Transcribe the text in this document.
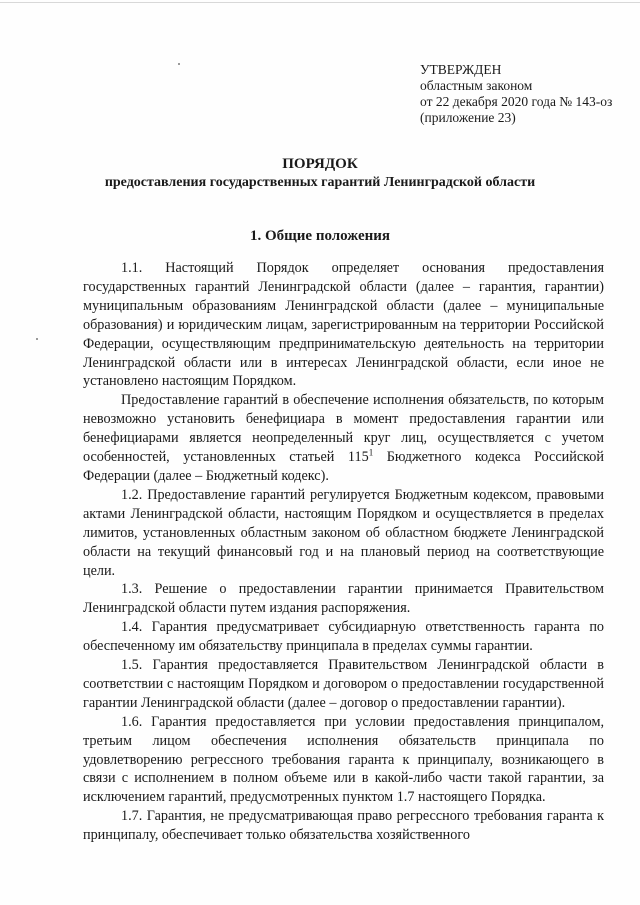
УТВЕРЖДЕН
областным законом
от 22 декабря 2020 года № 143-оз
(приложение 23)
ПОРЯДОК
предоставления государственных гарантий Ленинградской области
1. Общие положения

1.1. Настоящий Порядок определяет основания предоставления государственных гарантий Ленинградской области (далее – гарантия, гарантии) муниципальным образованиям Ленинградской области (далее – муниципальные образования) и юридическим лицам, зарегистрированным на территории Российской Федерации, осуществляющим предпринимательскую деятельность на территории Ленинградской области или в интересах Ленинградской области, если иное не установлено настоящим Порядком.

Предоставление гарантий в обеспечение исполнения обязательств, по которым невозможно установить бенефициара в момент предоставления гарантии или бенефициарами является неопределенный круг лиц, осуществляется с учетом особенностей, установленных статьей $115^1$ Бюджетного кодекса Российской Федерации (далее – Бюджетный кодекс).

1.2. Предоставление гарантий регулируется Бюджетным кодексом, правовыми актами Ленинградской области, настоящим Порядком и осуществляется в пределах лимитов, установленных областным законом об областном бюджете Ленинградской области на текущий финансовый год и на плановый период на соответствующие цели.

1.3. Решение о предоставлении гарантии принимается Правительством Ленинградской области путем издания распоряжения.

1.4. Гарантия предусматривает субсидиарную ответственность гаранта по обеспеченному им обязательству принципала в пределах суммы гарантии.

1.5. Гарантия предоставляется Правительством Ленинградской области в соответствии с настоящим Порядком и договором о предоставлении государственной гарантии Ленинградской области (далее – договор о предоставлении гарантии).

1.6. Гарантия предоставляется при условии предоставления принципалом, третьим лицом обеспечения исполнения обязательств принципала по удовлетворению регрессного требования гаранта к принципалу, возникающего в связи с исполнением в полном объеме или в какой-либо части такой гарантии, за исключением гарантий, предусмотренных пунктом 1.7 настоящего Порядка.

1.7. Гарантия, не предусматривающая право регрессного требования гаранта к принципалу, обеспечивает только обязательства хозяйственного
